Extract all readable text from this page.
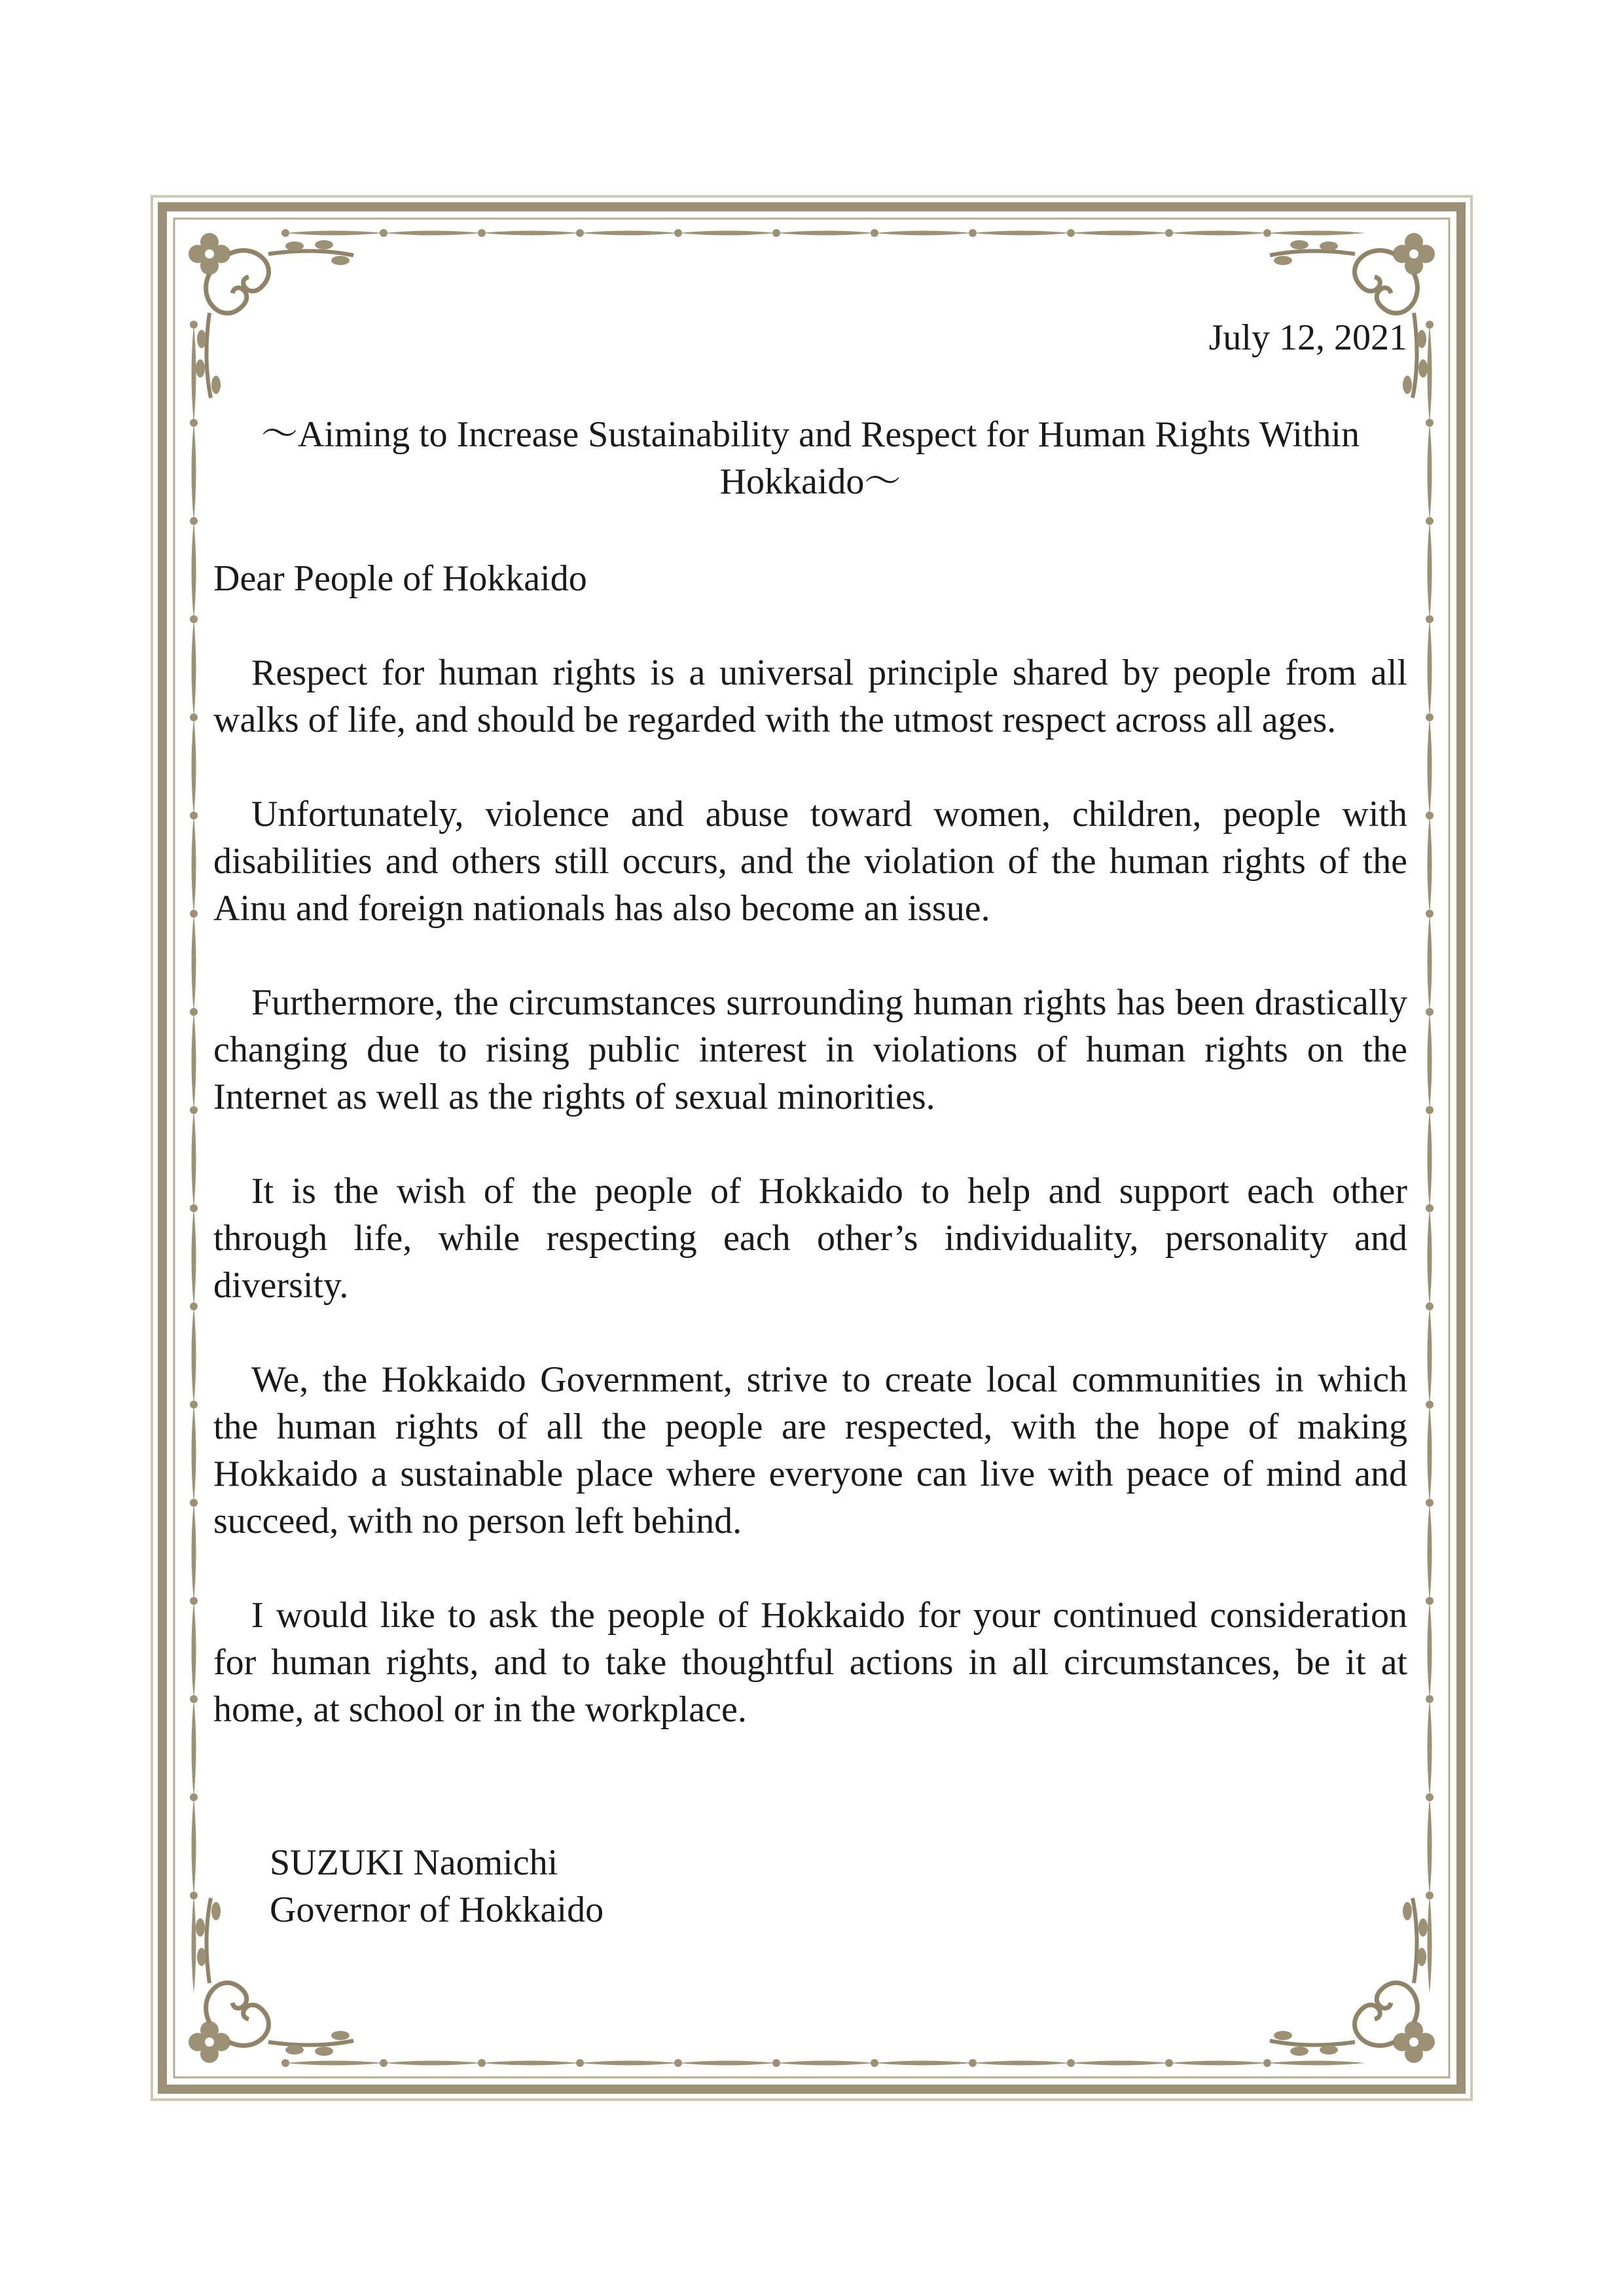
July 12, 2021

～Aiming to Increase Sustainability and Respect for Human Rights Within Hokkaido～

Dear People of Hokkaido

Respect for human rights is a universal principle shared by people from all walks of life, and should be regarded with the utmost respect across all ages.

Unfortunately, violence and abuse toward women, children, people with disabilities and others still occurs, and the violation of the human rights of the Ainu and foreign nationals has also become an issue.

Furthermore, the circumstances surrounding human rights has been drastically changing due to rising public interest in violations of human rights on the Internet as well as the rights of sexual minorities.

It is the wish of the people of Hokkaido to help and support each other through life, while respecting each other’s individuality, personality and diversity.

We, the Hokkaido Government, strive to create local communities in which the human rights of all the people are respected, with the hope of making Hokkaido a sustainable place where everyone can live with peace of mind and succeed, with no person left behind.

I would like to ask the people of Hokkaido for your continued consideration for human rights, and to take thoughtful actions in all circumstances, be it at home, at school or in the workplace.

SUZUKI Naomichi
Governor of Hokkaido
